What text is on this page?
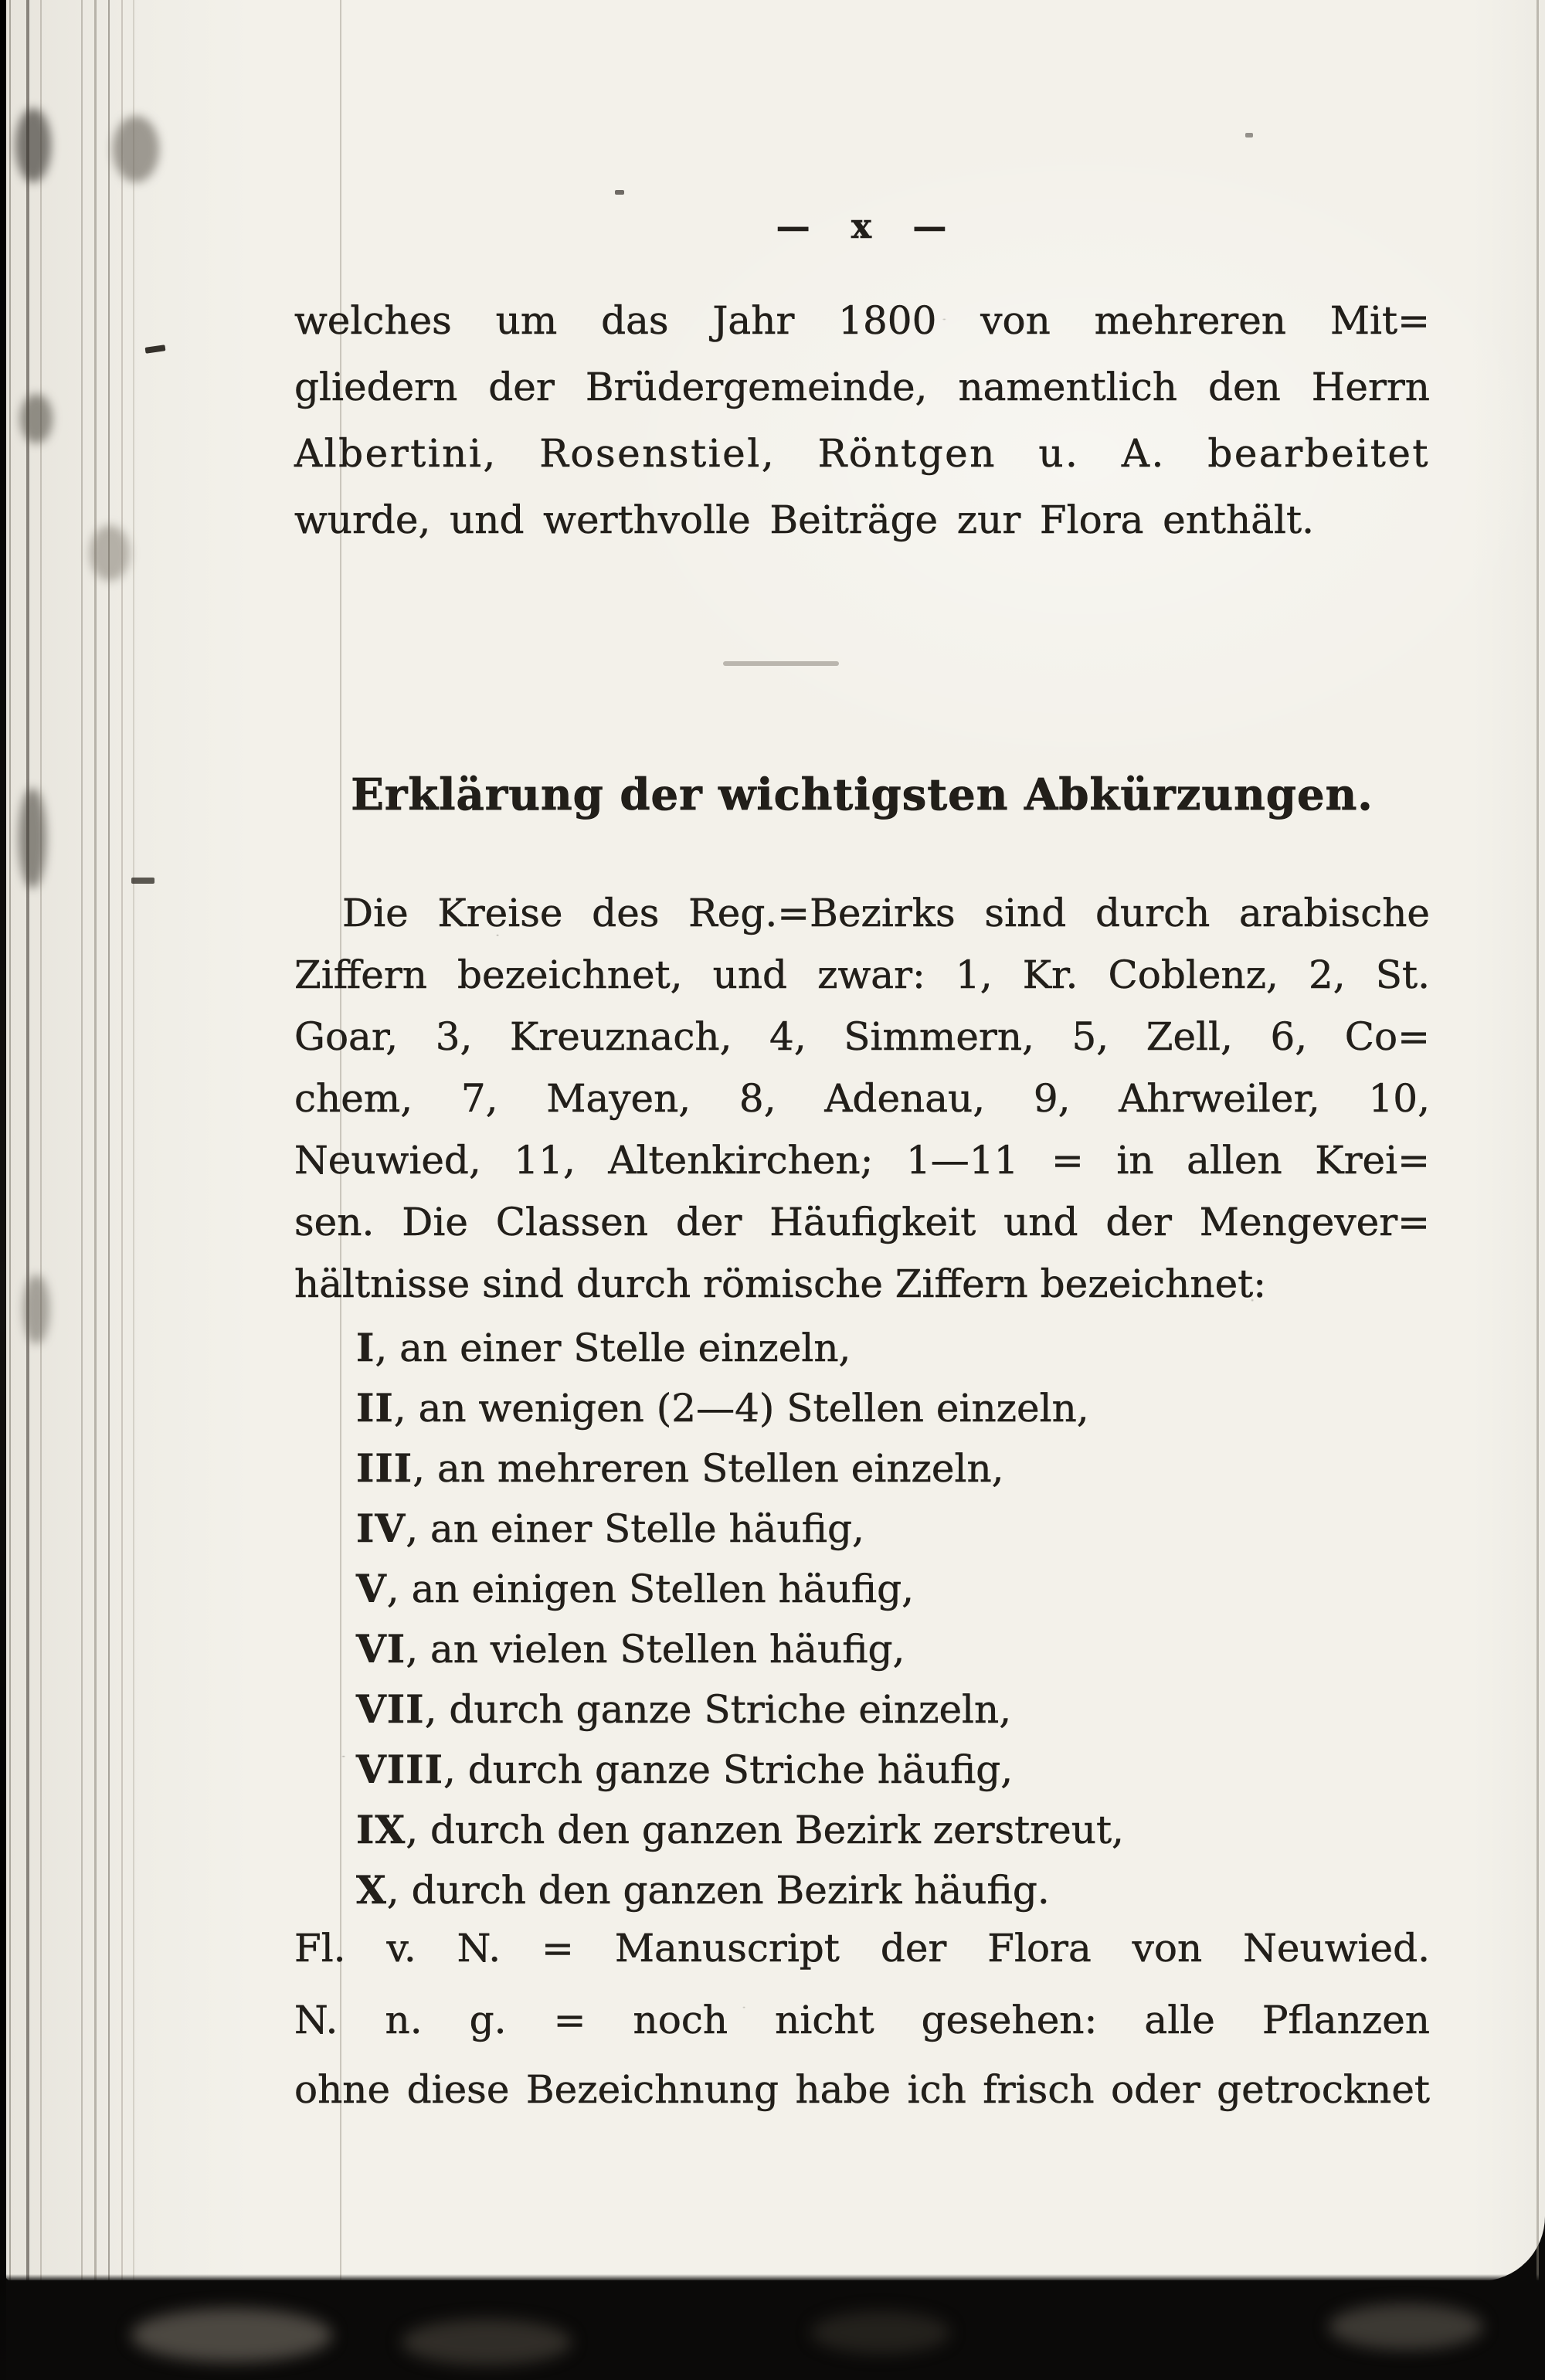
— x —
welches um das Jahr 1800 von mehreren Mit=
gliedern der Brüdergemeinde, namentlich den Herrn
Albertini, Rosenstiel, Röntgen u. A. bearbeitet
wurde, und werthvolle Beiträge zur Flora enthält.
Erklärung der wichtigsten Abkürzungen.
Die Kreise des Reg.=Bezirks sind durch arabische
Ziffern bezeichnet, und zwar: 1, Kr. Coblenz, 2, St.
Goar, 3, Kreuznach, 4, Simmern, 5, Zell, 6, Co=
chem, 7, Mayen, 8, Adenau, 9, Ahrweiler, 10,
Neuwied, 11, Altenkirchen; 1—11 = in allen Krei=
sen. Die Classen der Häufigkeit und der Mengever=
hältnisse sind durch römische Ziffern bezeichnet:
I, an einer Stelle einzeln,
II, an wenigen (2—4) Stellen einzeln,
III, an mehreren Stellen einzeln,
IV, an einer Stelle häufig,
V, an einigen Stellen häufig,
VI, an vielen Stellen häufig,
VII, durch ganze Striche einzeln,
VIII, durch ganze Striche häufig,
IX, durch den ganzen Bezirk zerstreut,
X, durch den ganzen Bezirk häufig.
Fl. v. N. = Manuscript der Flora von Neuwied.
N. n. g. = noch nicht gesehen: alle Pflanzen
ohne diese Bezeichnung habe ich frisch oder getrocknet
